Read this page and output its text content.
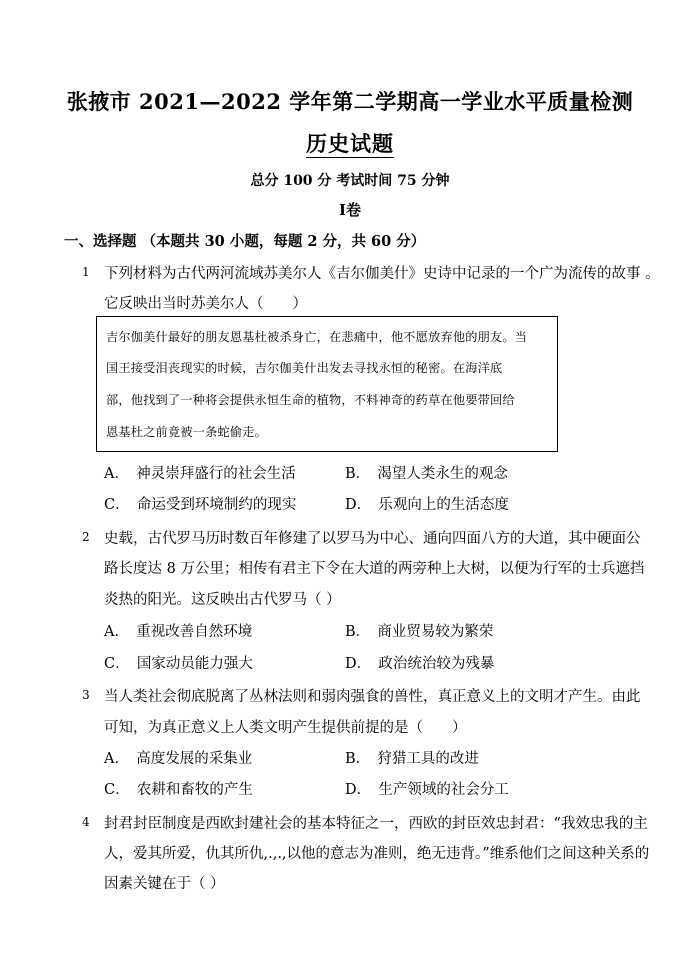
张掖市 2021—2022 学年第二学期高一学业水平质量检测
历史试题
总分 100 分 考试时间 75 分钟
Ⅰ卷
一、选择题 （本题共 30 小题，每题 2 分，共 60 分）
1 下列材料为古代两河流域苏美尔人《吉尔伽美什》史诗中记录的一个广为流传的故事 。
它反映出当时苏美尔人（　　）
吉尔伽美什最好的朋友恩基杜被杀身亡，在悲痛中，他不愿放弃他的朋友。当
国王接受泪丧现实的时候，吉尔伽美什出发去寻找永恒的秘密。在海洋底
部，他找到了一种将会提供永恒生命的植物，不料神奇的药草在他要带回给
恩基杜之前竟被一条蛇偷走。
A．　神灵崇拜盛行的社会生活	B．　渴望人类永生的观念
C．　命运受到环境制约的现实	D．　乐观向上的生活态度
2 史载，古代罗马历时数百年修建了以罗马为中心、通向四面八方的大道，其中硬面公
路长度达 8 万公里；相传有君主下令在大道的两旁种上大树，以便为行军的士兵遮挡
炎热的阳光。这反映出古代罗马（ ）
A．　重视改善自然环境	B．　商业贸易较为繁荣
C．　国家动员能力强大	D．　政治统治较为残暴
3 当人类社会彻底脱离了丛林法则和弱肉强食的兽性，真正意义上的文明才产生。由此
可知，为真正意义上人类文明产生提供前提的是（　　）
A．　高度发展的采集业	B．　狩猎工具的改进
C．　农耕和畜牧的产生	D．　生产领域的社会分工
4 封君封臣制度是西欧封建社会的基本特征之一，西欧的封臣效忠封君：“我效忠我的主
人，爱其所爱，仇其所仇,.,.,以他的意志为准则，绝无违背。”维系他们之间这种关系的
因素关键在于（ ）
